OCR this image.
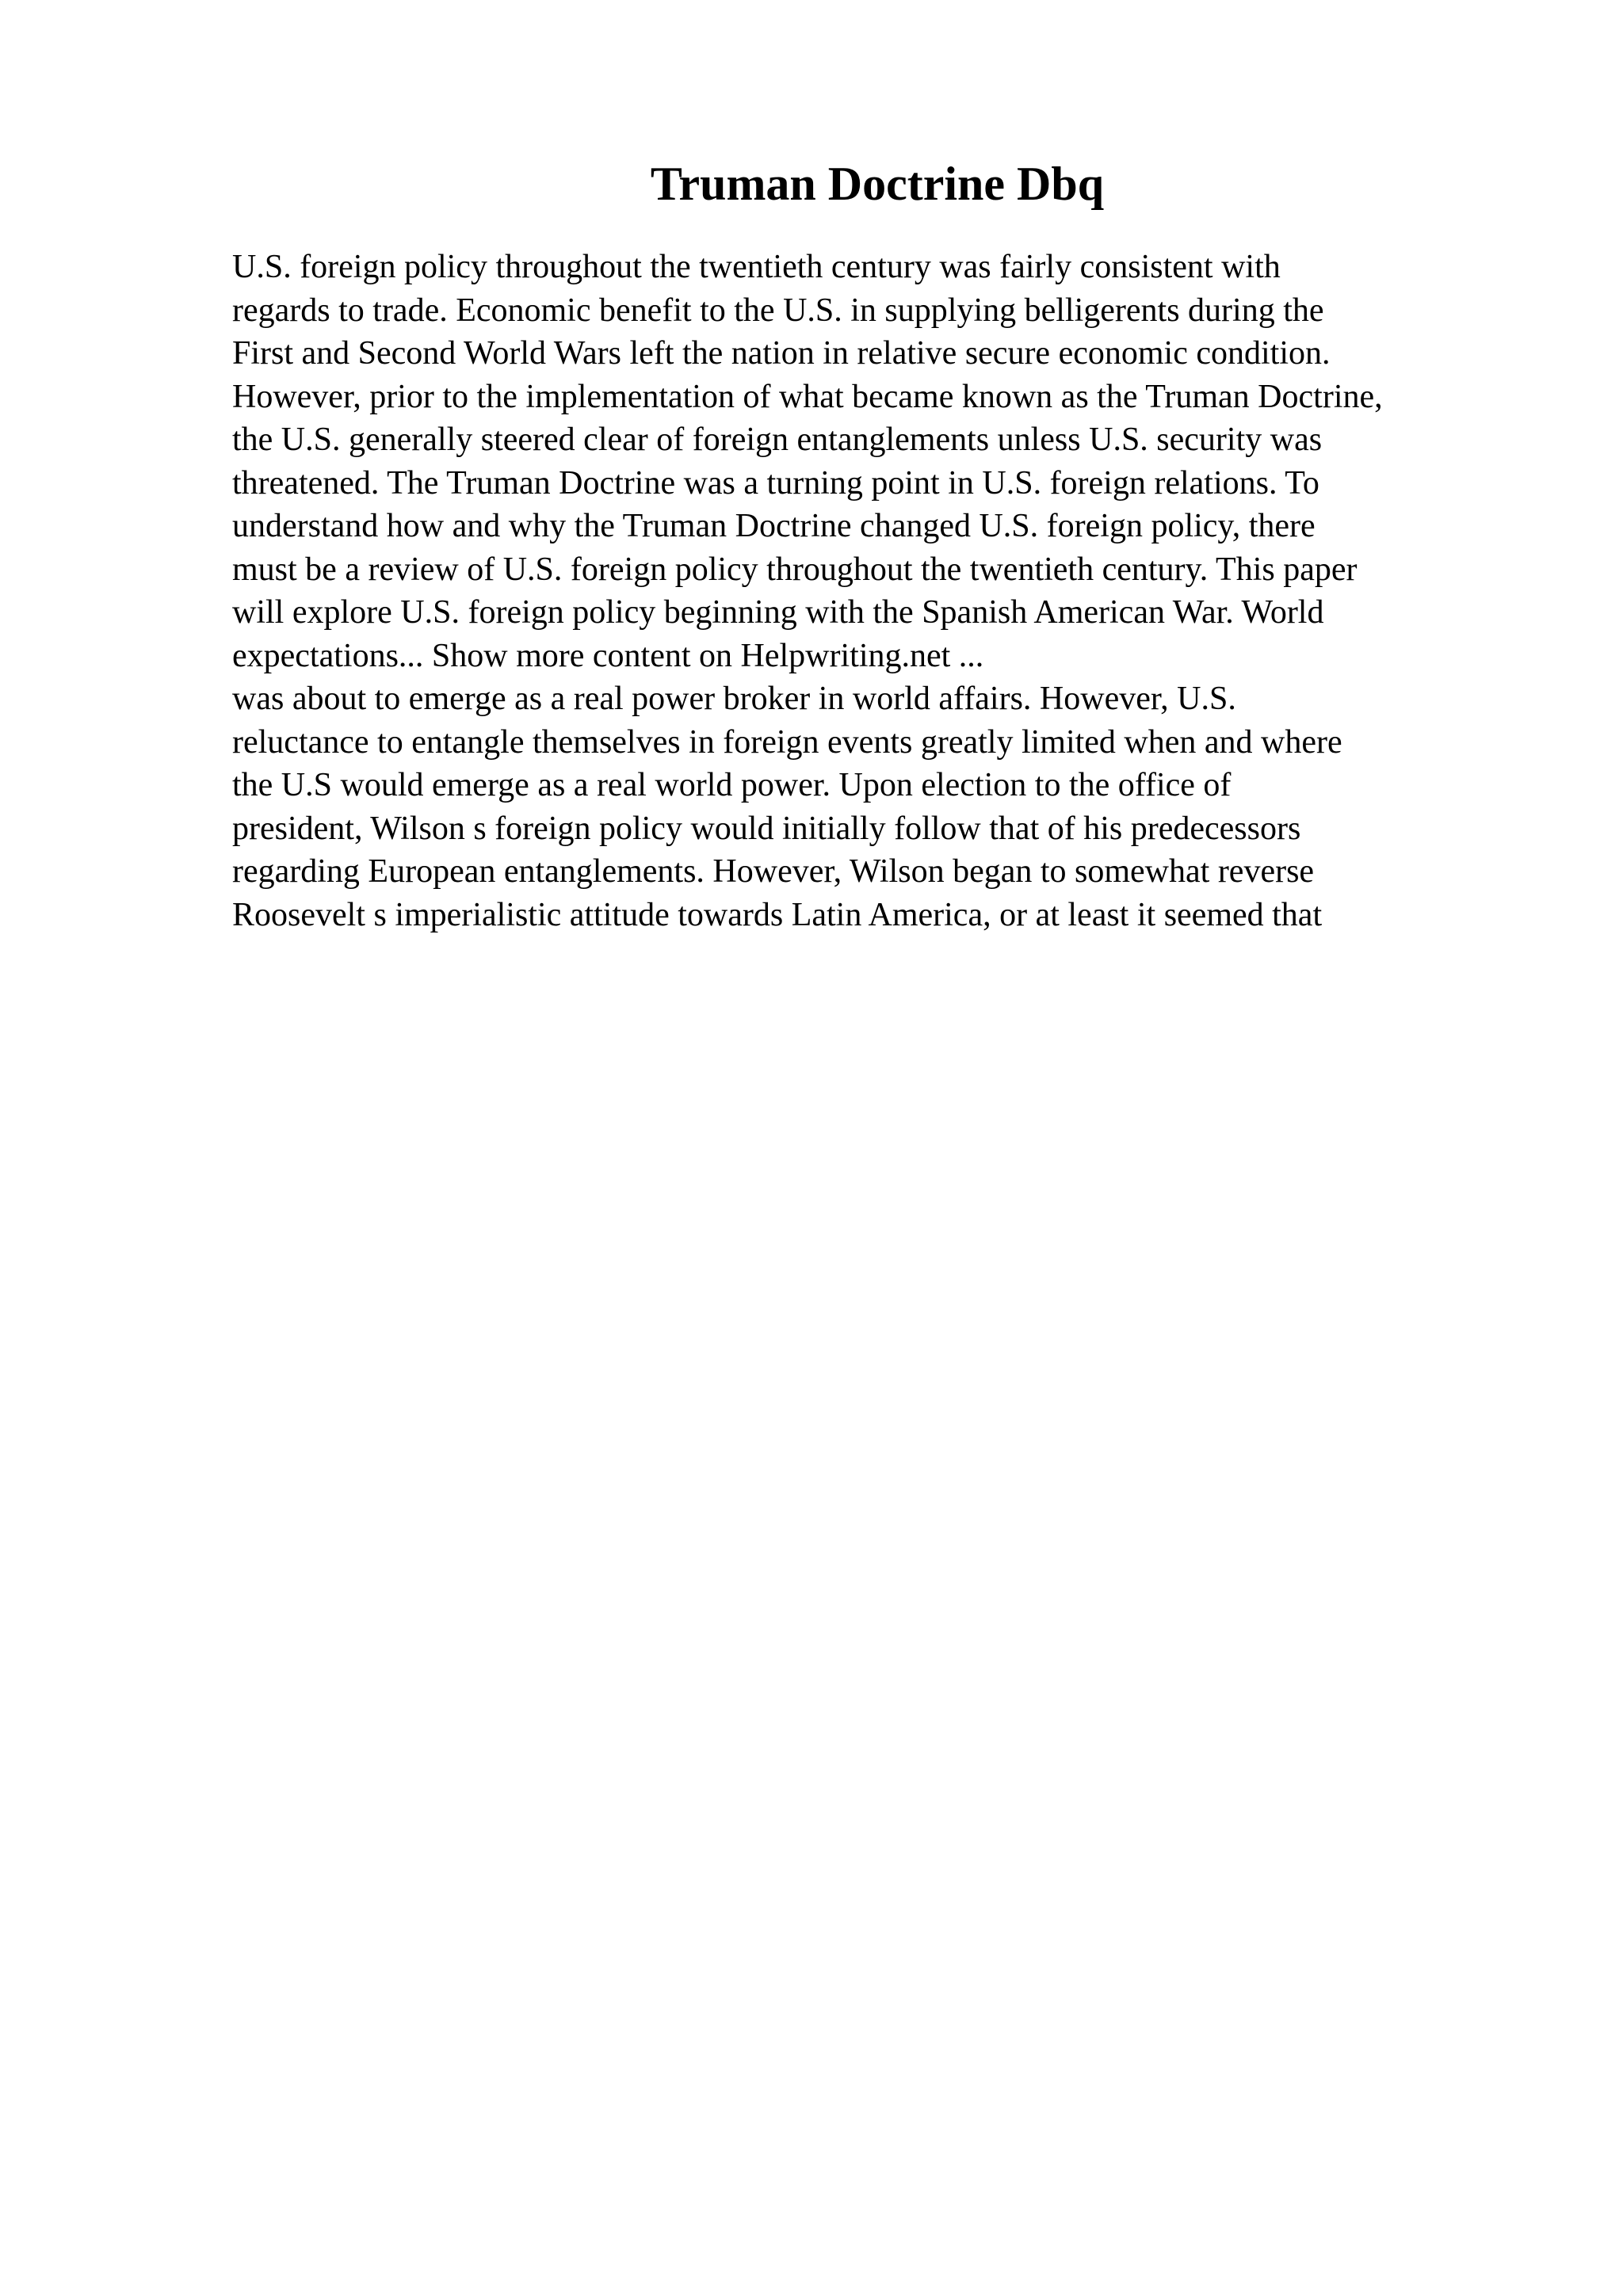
Truman Doctrine Dbq
U.S. foreign policy throughout the twentieth century was fairly consistent with
regards to trade. Economic benefit to the U.S. in supplying belligerents during the
First and Second World Wars left the nation in relative secure economic condition.
However, prior to the implementation of what became known as the Truman Doctrine,
the U.S. generally steered clear of foreign entanglements unless U.S. security was
threatened. The Truman Doctrine was a turning point in U.S. foreign relations. To
understand how and why the Truman Doctrine changed U.S. foreign policy, there
must be a review of U.S. foreign policy throughout the twentieth century. This paper
will explore U.S. foreign policy beginning with the Spanish American War. World
expectations... Show more content on Helpwriting.net ...
was about to emerge as a real power broker in world affairs. However, U.S.
reluctance to entangle themselves in foreign events greatly limited when and where
the U.S would emerge as a real world power. Upon election to the office of
president, Wilson s foreign policy would initially follow that of his predecessors
regarding European entanglements. However, Wilson began to somewhat reverse
Roosevelt s imperialistic attitude towards Latin America, or at least it seemed that
